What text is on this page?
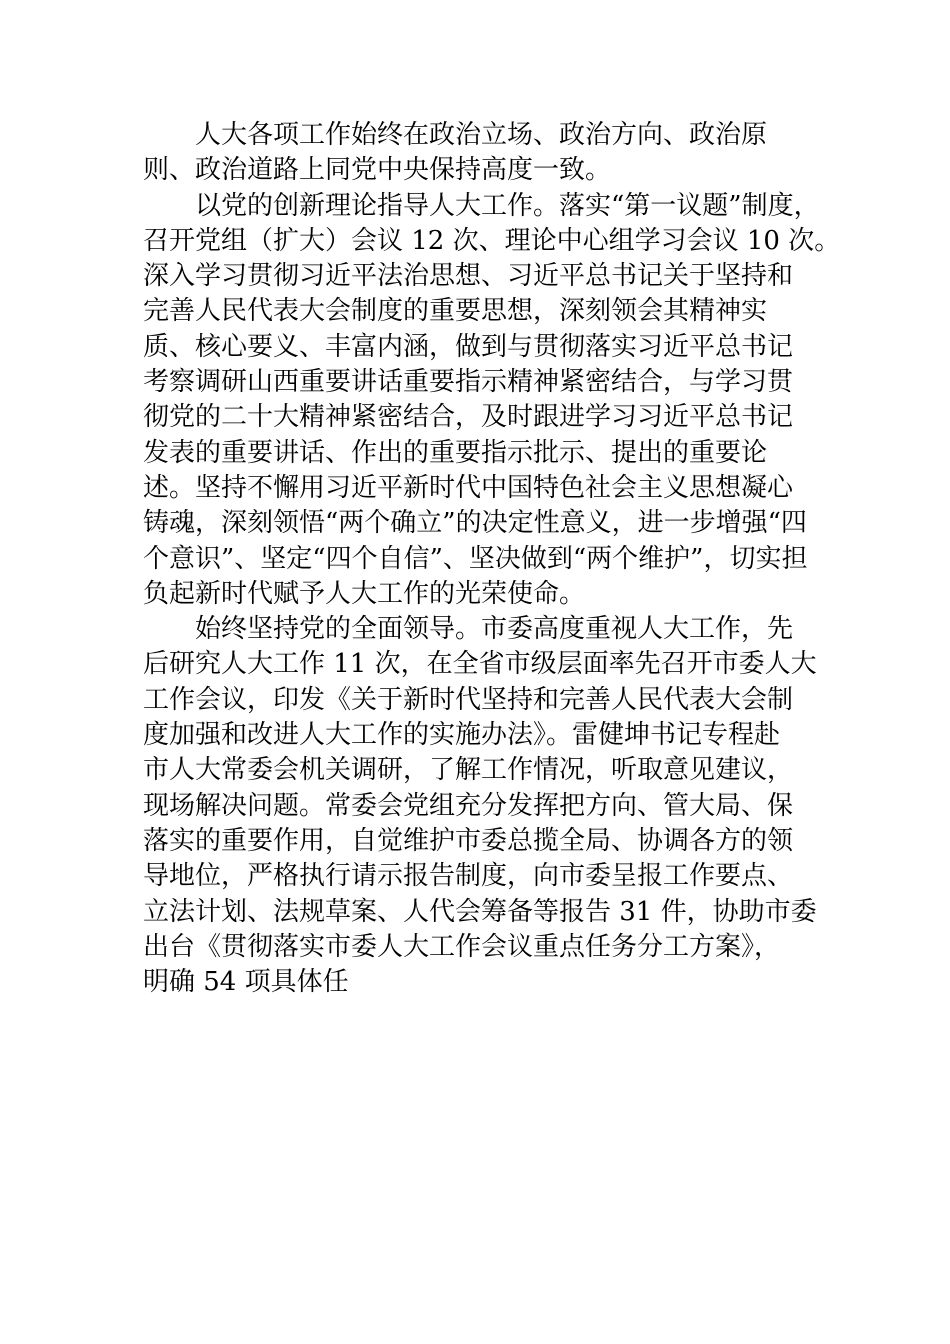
人大各项工作始终在政治立场、政治方向、政治原
则、政治道路上同党中央保持高度一致。

以党的创新理论指导人大工作。落实“第一议题”制度，
召开党组（扩大）会议 12 次、理论中心组学习会议 10 次。
深入学习贯彻习近平法治思想、习近平总书记关于坚持和
完善人民代表大会制度的重要思想，深刻领会其精神实
质、核心要义、丰富内涵，做到与贯彻落实习近平总书记
考察调研山西重要讲话重要指示精神紧密结合，与学习贯
彻党的二十大精神紧密结合，及时跟进学习习近平总书记
发表的重要讲话、作出的重要指示批示、提出的重要论
述。坚持不懈用习近平新时代中国特色社会主义思想凝心
铸魂，深刻领悟“两个确立”的决定性意义，进一步增强“四
个意识”、坚定“四个自信”、坚决做到“两个维护”，切实担
负起新时代赋予人大工作的光荣使命。

始终坚持党的全面领导。市委高度重视人大工作，先
后研究人大工作 11 次，在全省市级层面率先召开市委人大
工作会议，印发《关于新时代坚持和完善人民代表大会制
度加强和改进人大工作的实施办法》。雷健坤书记专程赴
市人大常委会机关调研，了解工作情况，听取意见建议，
现场解决问题。常委会党组充分发挥把方向、管大局、保
落实的重要作用，自觉维护市委总揽全局、协调各方的领
导地位，严格执行请示报告制度，向市委呈报工作要点、
立法计划、法规草案、人代会筹备等报告 31 件，协助市委
出台《贯彻落实市委人大工作会议重点任务分工方案》，
明确 54 项具体任
